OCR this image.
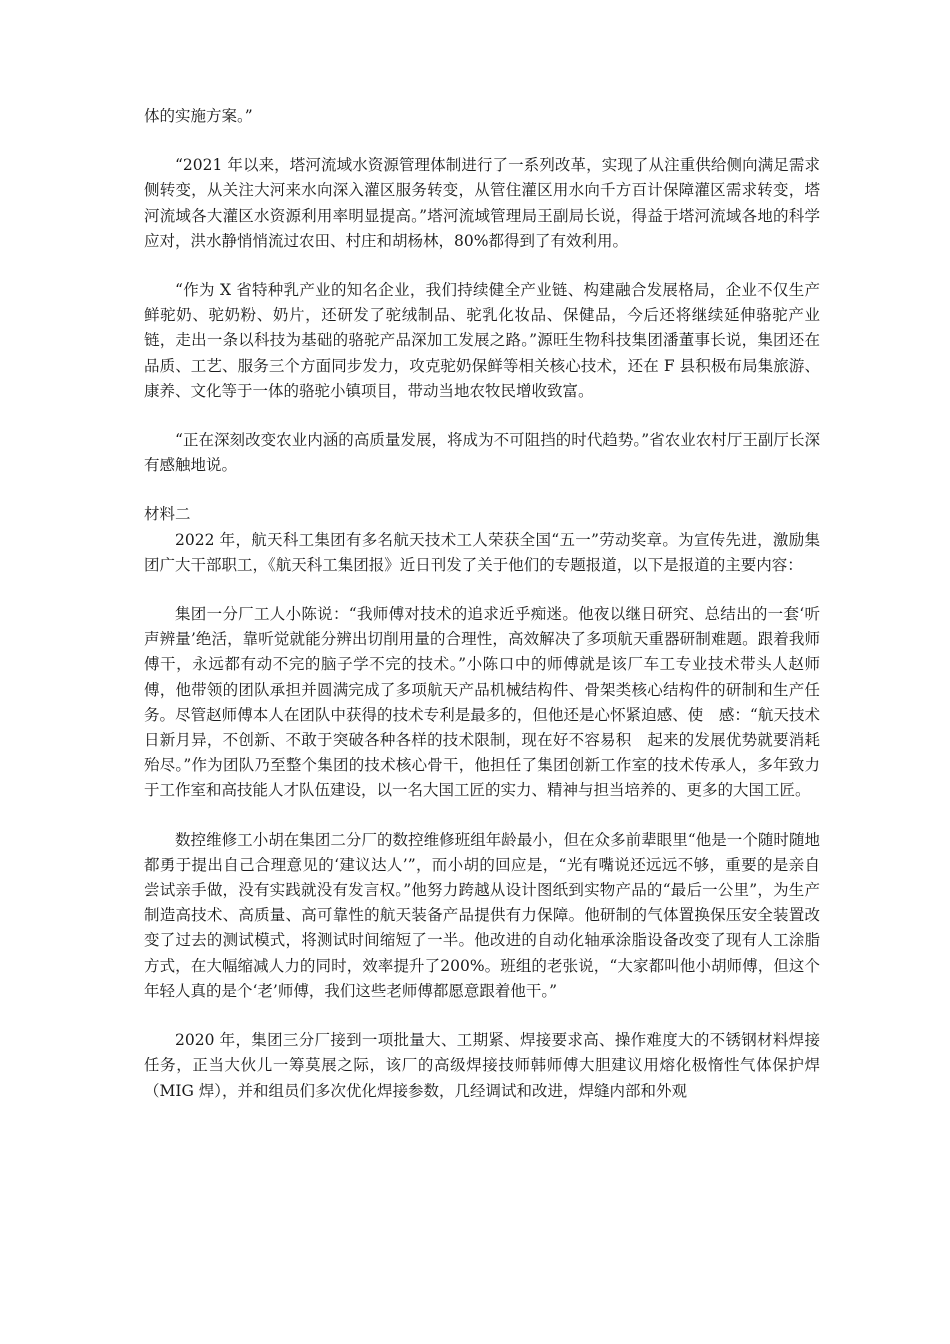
体的实施方案。”

“2021 年以来，塔河流域水资源管理体制进行了一系列改革，实现了从注重供给侧向满足需求侧转变，从关注大河来水向深入灌区服务转变，从管住灌区用水向千方百计保障灌区需求转变，塔河流域各大灌区水资源利用率明显提高。”塔河流域管理局王副局长说，得益于塔河流域各地的科学应对，洪水静悄悄流过农田、村庄和胡杨林，80%都得到了有效利用。

“作为 X 省特种乳产业的知名企业，我们持续健全产业链、构建融合发展格局，企业不仅生产鲜驼奶、驼奶粉、奶片，还研发了驼绒制品、驼乳化妆品、保健品，今后还将继续延伸骆驼产业链，走出一条以科技为基础的骆驼产品深加工发展之路。”源旺生物科技集团潘董事长说，集团还在品质、工艺、服务三个方面同步发力，攻克驼奶保鲜等相关核心技术，还在 F 县积极布局集旅游、康养、文化等于一体的骆驼小镇项目，带动当地农牧民增收致富。

“正在深刻改变农业内涵的高质量发展，将成为不可阻挡的时代趋势。”省农业农村厅王副厅长深有感触地说。

材料二

2022 年，航天科工集团有多名航天技术工人荣获全国“五一”劳动奖章。为宣传先进，激励集团广大干部职工，《航天科工集团报》近日刊发了关于他们的专题报道，以下是报道的主要内容：

集团一分厂工人小陈说：“我师傅对技术的追求近乎痴迷。他夜以继日研究、总结出的一套‘听声辨量’绝活，靠听觉就能分辨出切削用量的合理性，高效解决了多项航天重器研制难题。跟着我师傅干，永远都有动不完的脑子学不完的技术。”小陈口中的师傅就是该厂车工专业技术带头人赵师傅，他带领的团队承担并圆满完成了多项航天产品机械结构件、骨架类核心结构件的研制和生产任务。尽管赵师傅本人在团队中获得的技术专利是最多的，但他还是心怀紧迫感、使　感：“航天技术日新月异，不创新、不敢于突破各种各样的技术限制，现在好不容易积　起来的发展优势就要消耗殆尽。”作为团队乃至整个集团的技术核心骨干，他担任了集团创新工作室的技术传承人，多年致力于工作室和高技能人才队伍建设，以一名大国工匠的实力、精神与担当培养的、更多的大国工匠。

数控维修工小胡在集团二分厂的数控维修班组年龄最小，但在众多前辈眼里“他是一个随时随地都勇于提出自己合理意见的‘建议达人’”，而小胡的回应是，“光有嘴说还远远不够，重要的是亲自尝试亲手做，没有实践就没有发言权。”他努力跨越从设计图纸到实物产品的“最后一公里”，为生产制造高技术、高质量、高可靠性的航天装备产品提供有力保障。他研制的气体置换保压安全装置改变了过去的测试模式，将测试时间缩短了一半。他改进的自动化轴承涂脂设备改变了现有人工涂脂方式，在大幅缩减人力的同时，效率提升了200%。班组的老张说，“大家都叫他小胡师傅，但这个年轻人真的是个‘老’师傅，我们这些老师傅都愿意跟着他干。”

2020 年，集团三分厂接到一项批量大、工期紧、焊接要求高、操作难度大的不锈钢材料焊接任务，正当大伙儿一筹莫展之际，该厂的高级焊接技师韩师傅大胆建议用熔化极惰性气体保护焊（MIG 焊），并和组员们多次优化焊接参数，几经调试和改进，焊缝内部和外观
